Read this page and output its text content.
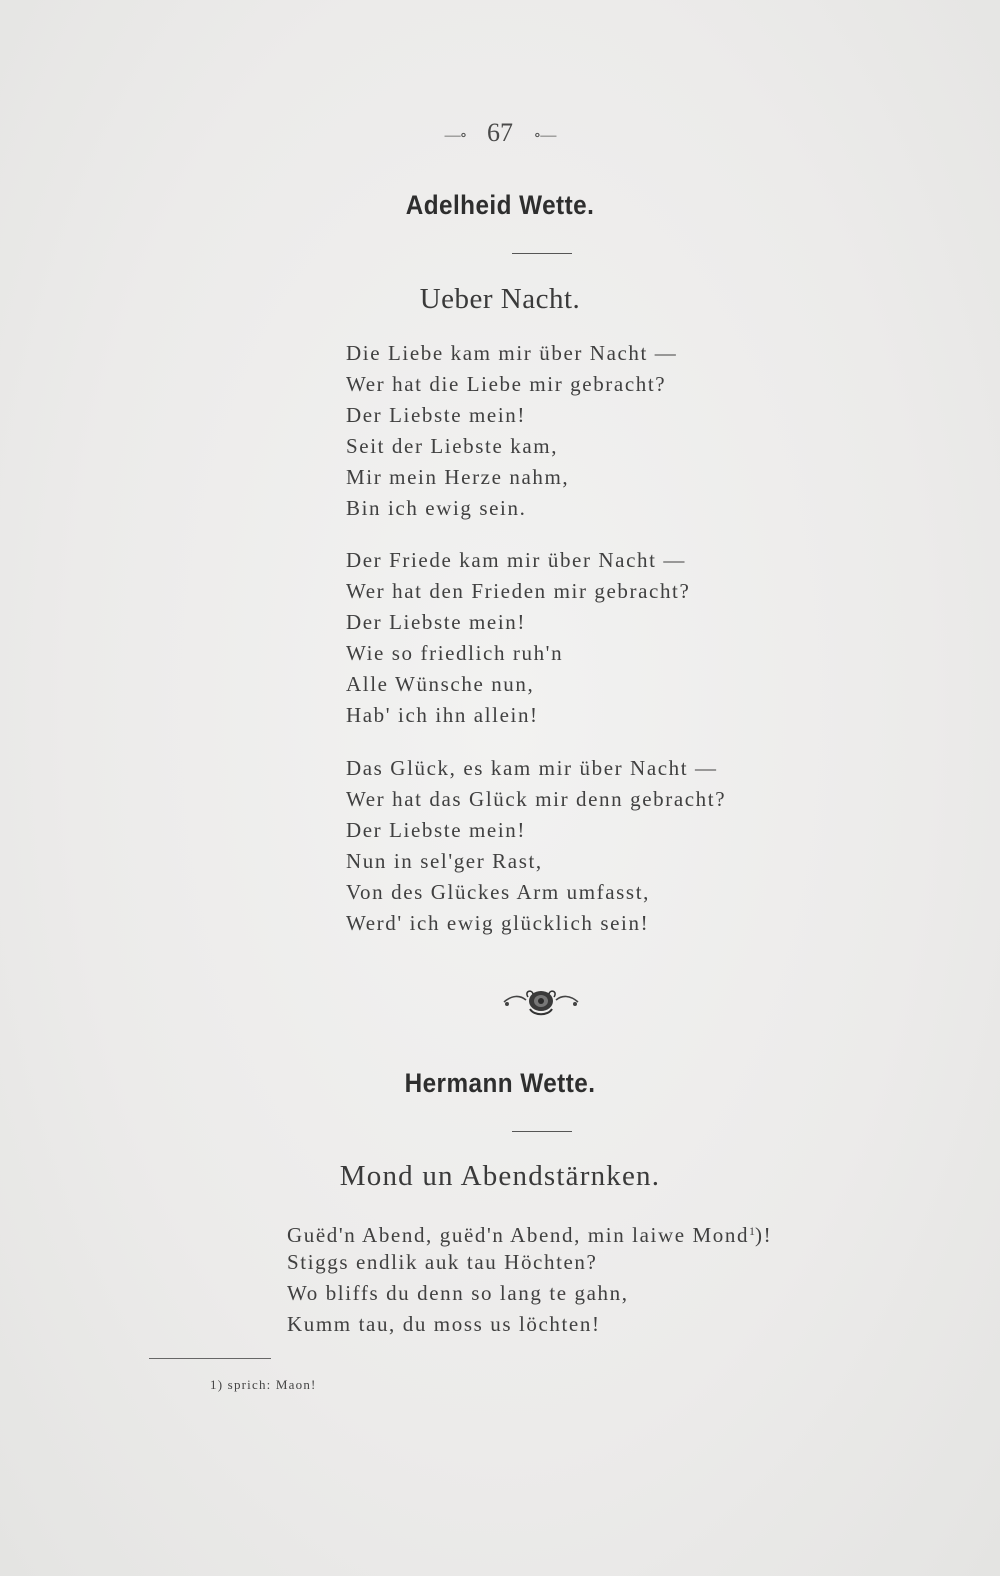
—∘ 67 ∘—
Adelheid Wette.
Ueber Nacht.
Die Liebe kam mir über Nacht —
Wer hat die Liebe mir gebracht?
Der Liebste mein!
Seit der Liebste kam,
Mir mein Herze nahm,
Bin ich ewig sein.
Der Friede kam mir über Nacht —
Wer hat den Frieden mir gebracht?
Der Liebste mein!
Wie so friedlich ruh'n
Alle Wünsche nun,
Hab' ich ihn allein!
Das Glück, es kam mir über Nacht —
Wer hat das Glück mir denn gebracht?
Der Liebste mein!
Nun in sel'ger Rast,
Von des Glückes Arm umfasst,
Werd' ich ewig glücklich sein!
Hermann Wette.
Mond un Abendstärnken.
Guëd'n Abend, guëd'n Abend, min laiwe Mond$^1$)!
Stiggs endlik auk tau Höchten?
Wo bliffs du denn so lang te gahn,
Kumm tau, du moss us löchten!
1) sprich: Maon!
